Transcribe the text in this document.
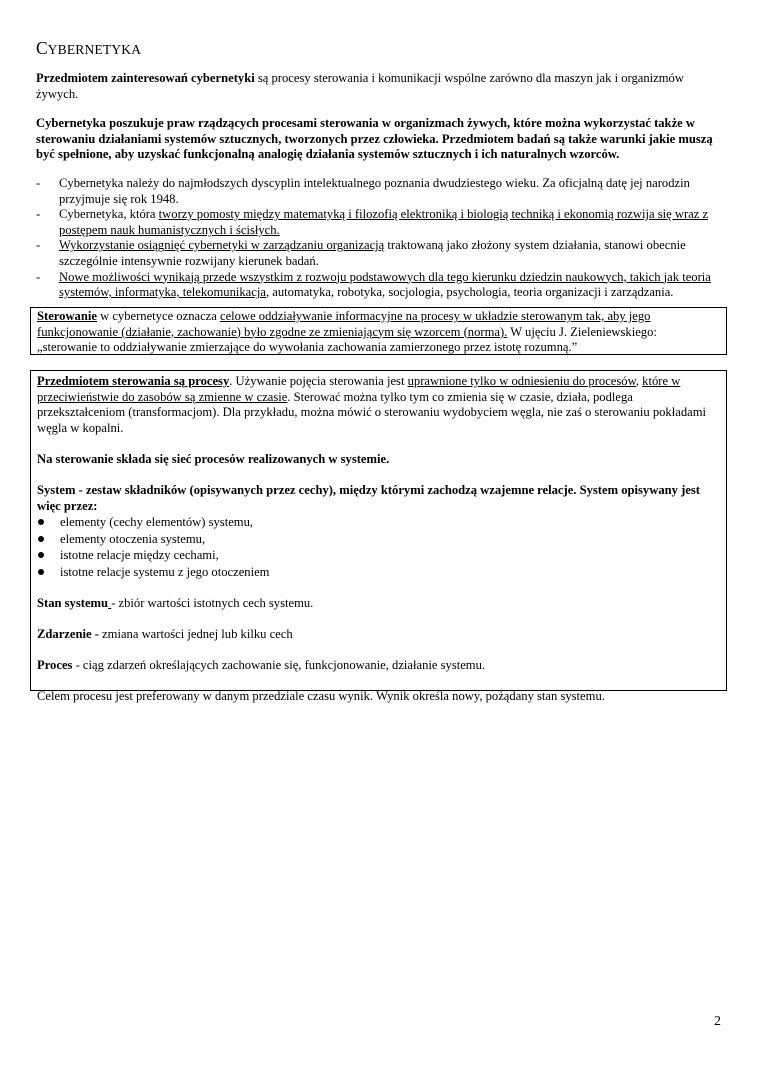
CYBERNETYKA

Przedmiotem zainteresowań cybernetyki są procesy sterowania i komunikacji wspólne zarówno dla maszyn jak i organizmów żywych.

Cybernetyka poszukuje praw rządzących procesami sterowania w organizmach żywych, które można wykorzystać także w sterowaniu działaniami systemów sztucznych, tworzonych przez człowieka. Przedmiotem badań są także warunki jakie muszą być spełnione, aby uzyskać funkcjonalną analogię działania systemów sztucznych i ich naturalnych wzorców.

- Cybernetyka należy do najmłodszych dyscyplin intelektualnego poznania dwudziestego wieku. Za oficjalną datę jej narodzin przyjmuje się rok 1948.
- Cybernetyka, która tworzy pomosty między matematyką i filozofią elektroniką i biologią techniką i ekonomią rozwija się wraz z postępem nauk humanistycznych i ścisłych.
- Wykorzystanie osiągnięć cybernetyki w zarządzaniu organizacją traktowaną jako złożony system działania, stanowi obecnie szczególnie intensywnie rozwijany kierunek badań.
- Nowe możliwości wynikają przede wszystkim z rozwoju podstawowych dla tego kierunku dziedzin naukowych, takich jak teoria systemów, informatyka, telekomunikacja, automatyka, robotyka, socjologia, psychologia, teoria organizacji i zarządzania.

Sterowanie w cybernetyce oznacza celowe oddziaływanie informacyjne na procesy w układzie sterowanym tak, aby jego funkcjonowanie (działanie, zachowanie) było zgodne ze zmieniającym się wzorcem (norma). W ujęciu J. Zieleniewskiego: „sterowanie to oddziaływanie zmierzające do wywołania zachowania zamierzonego przez istotę rozumną.”

Przedmiotem sterowania są procesy. Używanie pojęcia sterowania jest uprawnione tylko w odniesieniu do procesów, które w przeciwieństwie do zasobów są zmienne w czasie. Sterować można tylko tym co zmienia się w czasie, działa, podlega przekształceniom (transformacjom). Dla przykładu, można mówić o sterowaniu wydobyciem węgla, nie zaś o sterowaniu pokładami węgla w kopalni.

Na sterowanie składa się sieć procesów realizowanych w systemie.

System - zestaw składników (opisywanych przez cechy), między którymi zachodzą wzajemne relacje. System opisywany jest więc przez:

elementy (cechy elementów) systemu,
elementy otoczenia systemu,
istotne relacje między cechami,
istotne relacje systemu z jego otoczeniem

Stan systemu - zbiór wartości istotnych cech systemu.

Zdarzenie - zmiana wartości jednej lub kilku cech

Proces - ciąg zdarzeń określających zachowanie się, funkcjonowanie, działanie systemu.

Celem procesu jest preferowany w danym przedziale czasu wynik. Wynik określa nowy, pożądany stan systemu.

2
